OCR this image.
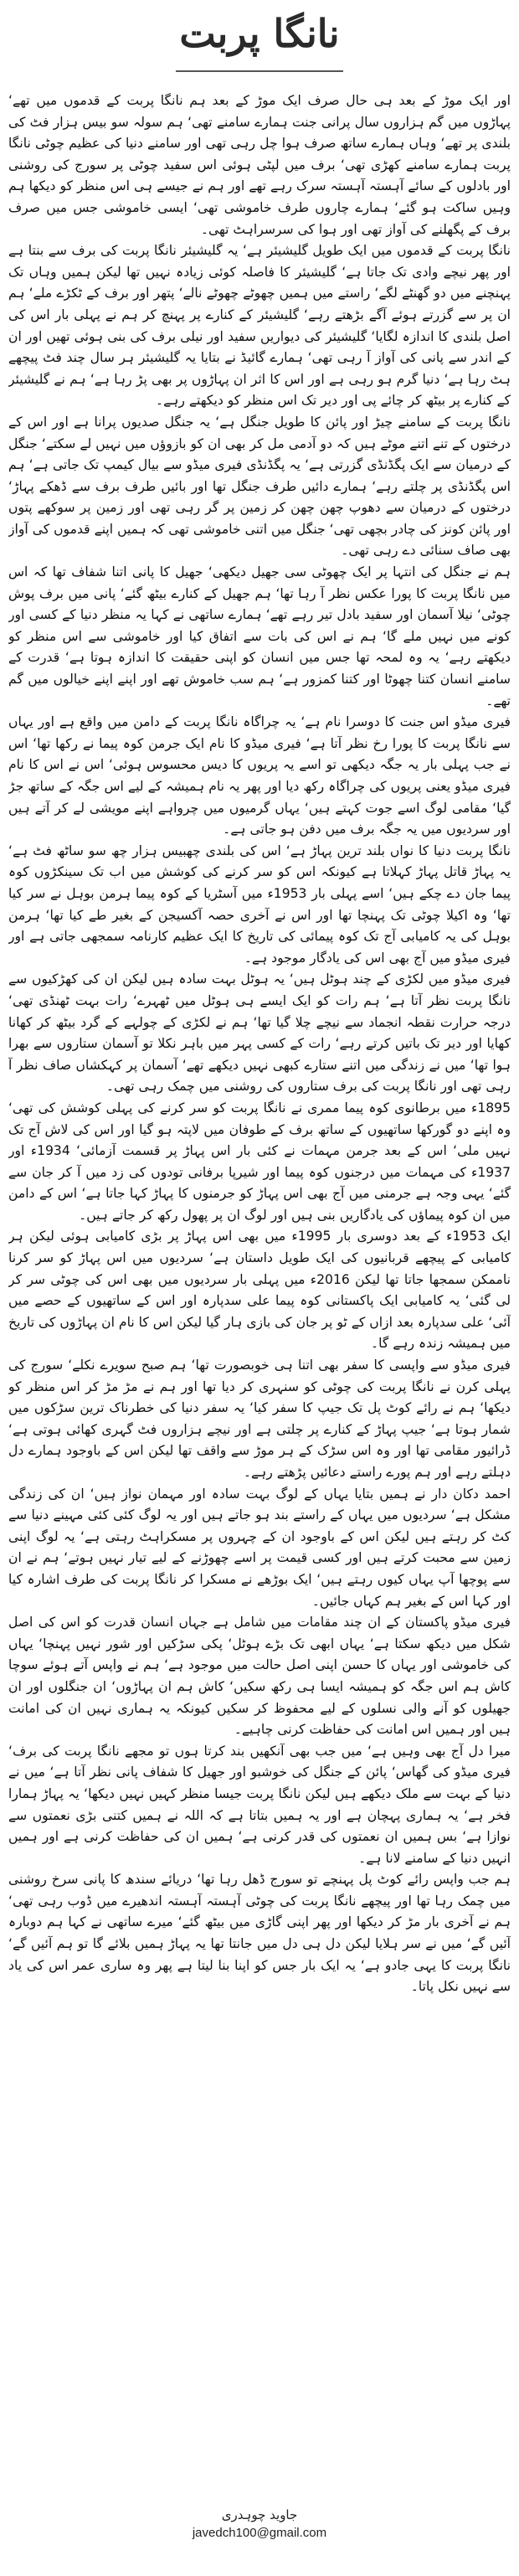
نانگا پربت

اور ایک موڑ کے بعد ہی حال صرف ایک موڑ کے بعد ہم نانگا پربت کے قدموں میں تھے‘ پہاڑوں میں گم ہزاروں سال پرانی جنت ہمارے سامنے تھی‘ ہم سولہ سو بیس ہزار فٹ کی بلندی پر تھے‘ وہاں ہمارے ساتھ صرف ہوا چل رہی تھی اور سامنے دنیا کی عظیم چوٹی نانگا پربت ہمارے سامنے کھڑی تھی‘ برف میں لپٹی ہوئی اس سفید چوٹی پر سورج کی روشنی اور بادلوں کے سائے آہستہ آہستہ سرک رہے تھے اور ہم نے جیسے ہی اس منظر کو دیکھا ہم وہیں ساکت ہو گئے‘ ہمارے چاروں طرف خاموشی تھی‘ ایسی خاموشی جس میں صرف برف کے پگھلنے کی آواز تھی اور ہوا کی سرسراہٹ تھی۔

نانگا پربت کے قدموں میں ایک طویل گلیشیئر ہے‘ یہ گلیشیئر نانگا پربت کی برف سے بنتا ہے اور پھر نیچے وادی تک جاتا ہے‘ گلیشیئر کا فاصلہ کوئی زیادہ نہیں تھا لیکن ہمیں وہاں تک پہنچنے میں دو گھنٹے لگے‘ راستے میں ہمیں چھوٹے چھوٹے نالے‘ پتھر اور برف کے ٹکڑے ملے‘ ہم ان پر سے گزرتے ہوئے آگے بڑھتے رہے‘ گلیشیئر کے کنارے پر پہنچ کر ہم نے پہلی بار اس کی اصل بلندی کا اندازہ لگایا‘ گلیشیئر کی دیواریں سفید اور نیلی برف کی بنی ہوئی تھیں اور ان کے اندر سے پانی کی آواز آ رہی تھی‘ ہمارے گائیڈ نے بتایا یہ گلیشیئر ہر سال چند فٹ پیچھے ہٹ رہا ہے‘ دنیا گرم ہو رہی ہے اور اس کا اثر ان پہاڑوں پر بھی پڑ رہا ہے‘ ہم نے گلیشیئر کے کنارے پر بیٹھ کر چائے پی اور دیر تک اس منظر کو دیکھتے رہے۔

نانگا پربت کے سامنے چیڑ اور پائن کا طویل جنگل ہے‘ یہ جنگل صدیوں پرانا ہے اور اس کے درختوں کے تنے اتنے موٹے ہیں کہ دو آدمی مل کر بھی ان کو بازوؤں میں نہیں لے سکتے‘ جنگل کے درمیان سے ایک پگڈنڈی گزرتی ہے‘ یہ پگڈنڈی فیری میڈو سے بیال کیمپ تک جاتی ہے‘ ہم اس پگڈنڈی پر چلتے رہے‘ ہمارے دائیں طرف جنگل تھا اور بائیں طرف برف سے ڈھکے پہاڑ‘ درختوں کے درمیان سے دھوپ چھن چھن کر زمین پر گر رہی تھی اور زمین پر سوکھے پتوں اور پائن کونز کی چادر بچھی تھی‘ جنگل میں اتنی خاموشی تھی کہ ہمیں اپنے قدموں کی آواز بھی صاف سنائی دے رہی تھی۔

ہم نے جنگل کی انتہا پر ایک چھوٹی سی جھیل دیکھی‘ جھیل کا پانی اتنا شفاف تھا کہ اس میں نانگا پربت کا پورا عکس نظر آ رہا تھا‘ ہم جھیل کے کنارے بیٹھ گئے‘ پانی میں برف پوش چوٹی‘ نیلا آسمان اور سفید بادل تیر رہے تھے‘ ہمارے ساتھی نے کہا یہ منظر دنیا کے کسی اور کونے میں نہیں ملے گا‘ ہم نے اس کی بات سے اتفاق کیا اور خاموشی سے اس منظر کو دیکھتے رہے‘ یہ وہ لمحہ تھا جس میں انسان کو اپنی حقیقت کا اندازہ ہوتا ہے‘ قدرت کے سامنے انسان کتنا چھوٹا اور کتنا کمزور ہے‘ ہم سب خاموش تھے اور اپنے اپنے خیالوں میں گم تھے۔

فیری میڈو اس جنت کا دوسرا نام ہے‘ یہ چراگاہ نانگا پربت کے دامن میں واقع ہے اور یہاں سے نانگا پربت کا پورا رخ نظر آتا ہے‘ فیری میڈو کا نام ایک جرمن کوہ پیما نے رکھا تھا‘ اس نے جب پہلی بار یہ جگہ دیکھی تو اسے یہ پریوں کا دیس محسوس ہوئی‘ اس نے اس کا نام فیری میڈو یعنی پریوں کی چراگاہ رکھ دیا اور پھر یہ نام ہمیشہ کے لیے اس جگہ کے ساتھ جڑ گیا‘ مقامی لوگ اسے جوت کہتے ہیں‘ یہاں گرمیوں میں چرواہے اپنے مویشی لے کر آتے ہیں اور سردیوں میں یہ جگہ برف میں دفن ہو جاتی ہے۔

نانگا پربت دنیا کا نواں بلند ترین پہاڑ ہے‘ اس کی بلندی چھبیس ہزار چھ سو ساٹھ فٹ ہے‘ یہ پہاڑ قاتل پہاڑ کہلاتا ہے کیونکہ اس کو سر کرنے کی کوشش میں اب تک سینکڑوں کوہ پیما جان دے چکے ہیں‘ اسے پہلی بار 1953ء میں آسٹریا کے کوہ پیما ہرمن بوہل نے سر کیا تھا‘ وہ اکیلا چوٹی تک پہنچا تھا اور اس نے آخری حصہ آکسیجن کے بغیر طے کیا تھا‘ ہرمن بوہل کی یہ کامیابی آج تک کوہ پیمائی کی تاریخ کا ایک عظیم کارنامہ سمجھی جاتی ہے اور فیری میڈو میں آج بھی اس کی یادگار موجود ہے۔

فیری میڈو میں لکڑی کے چند ہوٹل ہیں‘ یہ ہوٹل بہت سادہ ہیں لیکن ان کی کھڑکیوں سے نانگا پربت نظر آتا ہے‘ ہم رات کو ایک ایسے ہی ہوٹل میں ٹھہرے‘ رات بہت ٹھنڈی تھی‘ درجہ حرارت نقطہ انجماد سے نیچے چلا گیا تھا‘ ہم نے لکڑی کے چولہے کے گرد بیٹھ کر کھانا کھایا اور دیر تک باتیں کرتے رہے‘ رات کے کسی پہر میں باہر نکلا تو آسمان ستاروں سے بھرا ہوا تھا‘ میں نے زندگی میں اتنے ستارے کبھی نہیں دیکھے تھے‘ آسمان پر کہکشاں صاف نظر آ رہی تھی اور نانگا پربت کی برف ستاروں کی روشنی میں چمک رہی تھی۔

1895ء میں برطانوی کوہ پیما ممری نے نانگا پربت کو سر کرنے کی پہلی کوشش کی تھی‘ وہ اپنے دو گورکھا ساتھیوں کے ساتھ برف کے طوفان میں لاپتہ ہو گیا اور اس کی لاش آج تک نہیں ملی‘ اس کے بعد جرمن مہمات نے کئی بار اس پہاڑ پر قسمت آزمائی‘ 1934ء اور 1937ء کی مہمات میں درجنوں کوہ پیما اور شیرپا برفانی تودوں کی زد میں آ کر جان سے گئے‘ یہی وجہ ہے جرمنی میں آج بھی اس پہاڑ کو جرمنوں کا پہاڑ کہا جاتا ہے‘ اس کے دامن میں ان کوہ پیماؤں کی یادگاریں بنی ہیں اور لوگ ان پر پھول رکھ کر جاتے ہیں۔

ایک 1953ء کے بعد دوسری بار 1995ء میں بھی اس پہاڑ پر بڑی کامیابی ہوئی لیکن ہر کامیابی کے پیچھے قربانیوں کی ایک طویل داستان ہے‘ سردیوں میں اس پہاڑ کو سر کرنا ناممکن سمجھا جاتا تھا لیکن 2016ء میں پہلی بار سردیوں میں بھی اس کی چوٹی سر کر لی گئی‘ یہ کامیابی ایک پاکستانی کوہ پیما علی سدپارہ اور اس کے ساتھیوں کے حصے میں آئی‘ علی سدپارہ بعد ازاں کے ٹو پر جان کی بازی ہار گیا لیکن اس کا نام ان پہاڑوں کی تاریخ میں ہمیشہ زندہ رہے گا۔

فیری میڈو سے واپسی کا سفر بھی اتنا ہی خوبصورت تھا‘ ہم صبح سویرے نکلے‘ سورج کی پہلی کرن نے نانگا پربت کی چوٹی کو سنہری کر دیا تھا اور ہم نے مڑ مڑ کر اس منظر کو دیکھا‘ ہم نے رائے کوٹ پل تک جیپ کا سفر کیا‘ یہ سفر دنیا کی خطرناک ترین سڑکوں میں شمار ہوتا ہے‘ جیپ پہاڑ کے کنارے پر چلتی ہے اور نیچے ہزاروں فٹ گہری کھائی ہوتی ہے‘ ڈرائیور مقامی تھا اور وہ اس سڑک کے ہر موڑ سے واقف تھا لیکن اس کے باوجود ہمارے دل دہلتے رہے اور ہم پورے راستے دعائیں پڑھتے رہے۔

احمد دکان دار نے ہمیں بتایا یہاں کے لوگ بہت سادہ اور مہمان نواز ہیں‘ ان کی زندگی مشکل ہے‘ سردیوں میں یہاں کے راستے بند ہو جاتے ہیں اور یہ لوگ کئی کئی مہینے دنیا سے کٹ کر رہتے ہیں لیکن اس کے باوجود ان کے چہروں پر مسکراہٹ رہتی ہے‘ یہ لوگ اپنی زمین سے محبت کرتے ہیں اور کسی قیمت پر اسے چھوڑنے کے لیے تیار نہیں ہوتے‘ ہم نے ان سے پوچھا آپ یہاں کیوں رہتے ہیں‘ ایک بوڑھے نے مسکرا کر نانگا پربت کی طرف اشارہ کیا اور کہا اس کے بغیر ہم کہاں جائیں۔

فیری میڈو پاکستان کے ان چند مقامات میں شامل ہے جہاں انسان قدرت کو اس کی اصل شکل میں دیکھ سکتا ہے‘ یہاں ابھی تک بڑے ہوٹل‘ پکی سڑکیں اور شور نہیں پہنچا‘ یہاں کی خاموشی اور یہاں کا حسن اپنی اصل حالت میں موجود ہے‘ ہم نے واپس آتے ہوئے سوچا کاش ہم اس جگہ کو ہمیشہ ایسا ہی رکھ سکیں‘ کاش ہم ان پہاڑوں‘ ان جنگلوں اور ان جھیلوں کو آنے والی نسلوں کے لیے محفوظ کر سکیں کیونکہ یہ ہماری نہیں ان کی امانت ہیں اور ہمیں اس امانت کی حفاظت کرنی چاہیے۔

میرا دل آج بھی وہیں ہے‘ میں جب بھی آنکھیں بند کرتا ہوں تو مجھے نانگا پربت کی برف‘ فیری میڈو کی گھاس‘ پائن کے جنگل کی خوشبو اور جھیل کا شفاف پانی نظر آتا ہے‘ میں نے دنیا کے بہت سے ملک دیکھے ہیں لیکن نانگا پربت جیسا منظر کہیں نہیں دیکھا‘ یہ پہاڑ ہمارا فخر ہے‘ یہ ہماری پہچان ہے اور یہ ہمیں بتاتا ہے کہ اللہ نے ہمیں کتنی بڑی نعمتوں سے نوازا ہے‘ بس ہمیں ان نعمتوں کی قدر کرنی ہے‘ ہمیں ان کی حفاظت کرنی ہے اور ہمیں انہیں دنیا کے سامنے لانا ہے۔

ہم جب واپس رائے کوٹ پل پہنچے تو سورج ڈھل رہا تھا‘ دریائے سندھ کا پانی سرخ روشنی میں چمک رہا تھا اور پیچھے نانگا پربت کی چوٹی آہستہ آہستہ اندھیرے میں ڈوب رہی تھی‘ ہم نے آخری بار مڑ کر دیکھا اور پھر اپنی گاڑی میں بیٹھ گئے‘ میرے ساتھی نے کہا ہم دوبارہ آئیں گے‘ میں نے سر ہلایا لیکن دل ہی دل میں جانتا تھا یہ پہاڑ ہمیں بلائے گا تو ہم آئیں گے‘ نانگا پربت کا یہی جادو ہے‘ یہ ایک بار جس کو اپنا بنا لیتا ہے پھر وہ ساری عمر اس کی یاد سے نہیں نکل پاتا۔

جاوید چوہدری
javedch100@gmail.com
